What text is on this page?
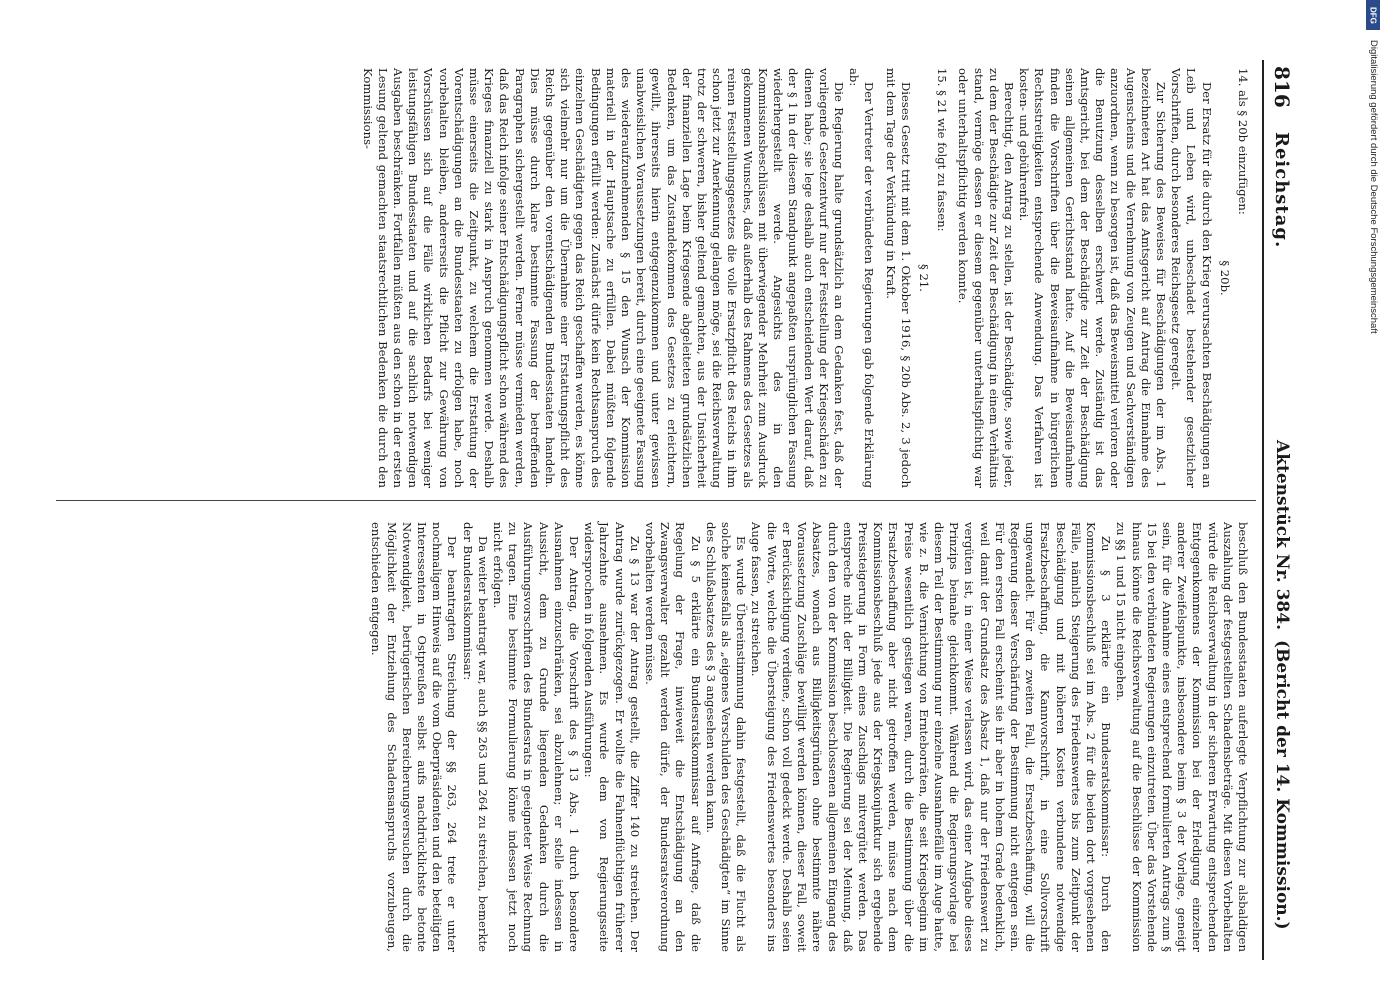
816
Reichstag.
Aktenstück Nr. 384.
(Bericht der 14. Kommission.)

14. als § 20b einzufügen:

§ 20b.

Der Ersatz für die durch den Krieg verursachten Beschädigungen an Leib und Leben wird, unbeschadet bestehender gesetzlicher Vorschriften, durch besonderes Reichsgesetz geregelt.

Zur Sicherung des Beweises für Beschädigungen der im Abs. 1 bezeichneten Art hat das Amtsgericht auf Antrag die Einnahme des Augenscheins und die Vernehmung von Zeugen und Sachverständigen anzuordnen, wenn zu besorgen ist, daß das Beweismittel verloren oder die Benutzung desselben erschwert werde. Zuständig ist das Amtsgericht, bei dem der Beschädigte zur Zeit der Beschädigung seinen allgemeinen Gerichtsstand hatte. Auf die Beweisaufnahme finden die Vorschriften über die Beweisaufnahme in bürgerlichen Rechtsstreitigkeiten entsprechende Anwendung. Das Verfahren ist kosten- und gebührenfrei.

Berechtigt, den Antrag zu stellen, ist der Beschädigte, sowie jeder, zu dem der Beschädigte zur Zeit der Beschädigung in einem Verhältnis stand, vermöge dessen er diesem gegenüber unterhaltspflichtig war oder unterhaltspflichtig werden konnte.

15. § 21 wie folgt zu fassen:

§ 21.

Dieses Gesetz tritt mit dem 1. Oktober 1916, § 20b Abs. 2, 3 jedoch mit dem Tage der Verkündung in Kraft.

Der Vertreter der verbündeten Regierungen gab folgende Erklärung ab:

Die Regierung halte grundsätzlich an dem Gedanken fest, daß der vorliegende Gesetzentwurf nur der Feststellung der Kriegsschäden zu dienen habe; sie lege deshalb auch entscheidenden Wert darauf, daß der § 1 in der diesem Standpunkt angepaßten ursprünglichen Fassung wiederhergestellt werde. Angesichts des in den Kommissionsbeschlüssen mit überwiegender Mehrheit zum Ausdruck gekommenen Wunsches, daß außerhalb des Rahmens des Gesetzes als reinen Feststellungsgesetzes die volle Ersatzpflicht des Reichs in ihm schon jetzt zur Anerkennung gelangen möge, sei die Reichsverwaltung trotz der schweren, bisher geltend gemachten, aus der Unsicherheit der finanziellen Lage beim Kriegsende abgeleiteten grundsätzlichen Bedenken, um das Zustandekommen des Gesetzes zu erleichtern, gewillt, ihrerseits hierin entgegenzukommen und unter gewissen unabweislichen Voraussetzungen bereit, durch eine geeignete Fassung des wiederaufzunehmenden § 15 den Wunsch der Kommission materiell in der Hauptsache zu erfüllen. Dabei müßten folgende Bedingungen erfüllt werden: Zunächst dürfe kein Rechtsanspruch des einzelnen Geschädigten gegen das Reich geschaffen werden, es könne sich vielmehr nur um die Übernahme einer Erstattungspflicht des Reichs gegenüber den vorentschädigenden Bundesstaaten handeln. Dies müsse durch klare bestimmte Fassung der betreffenden Paragraphen sichergestellt werden. Ferner müsse vermieden werden, daß das Reich infolge seiner Entschädigungspflicht schon während des Krieges finanziell zu stark in Anspruch genommen werde. Deshalb müsse einerseits die Zeitpunkt, zu welchem die Erstattung der Vorentschädigungen an die Bundesstaaten zu erfolgen habe, noch vorbehalten bleiben, andererseits die Pflicht zur Gewährung von Vorschüssen sich auf die Fälle wirklichen Bedarfs bei weniger leistungsfähigen Bundesstaaten und auf die sachlich notwendigen Ausgaben beschränken. Fortfallen müßten aus den schon in der ersten Lesung geltend gemachten staatsrechtlichen Bedenken die durch den Kommissions-

beschluß den Bundesstaaten auferlegte Verpflichtung zur alsbaldigen Auszahlung der festgestellten Schadensbeträge. Mit diesen Vorbehalten würde die Reichsverwaltung in der sicheren Erwartung entsprechenden Entgegenkommens der Kommission bei der Erledigung einzelner anderer Zweifelspunkte, insbesondere beim § 3 der Vorlage, geneigt sein, für die Annahme eines entsprechend formulierten Antrags zum § 15 bei den verbündeten Regierungen einzutreten. Über das Vorstehende hinaus könne die Reichsverwaltung auf die Beschlüsse der Kommission zu §§ 1 und 15 nicht eingehen.

Zu § 3 erklärte ein Bundesratskommissar: Durch den Kommissionsbeschluß sei im Abs. 2 für die beiden dort vorgesehenen Fälle, nämlich Steigerung des Friedenswertes bis zum Zeitpunkt der Beschädigung und mit höheren Kosten verbundene notwendige Ersatzbeschaffung, die Kannvorschrift, in eine Sollvorschrift ungewandelt. Für den zweiten Fall, die Ersatzbeschaffung, will die Regierung dieser Verschärfung der Bestimmung nicht entgegen sein. Für den ersten Fall erscheint sie ihr aber in hohem Grade bedenklich, weil damit der Grundsatz des Absatz 1, daß nur der Friedenswert zu vergüten ist, in einer Weise verlassen wird, das einer Aufgabe dieses Prinzips beinahe gleichkommt. Während die Regierungsvorlage bei diesem Teil der Bestimmung nur einzelne Ausnahmefälle im Auge hatte, wie z. B. die Vernichtung von Ernteborräten, die seit Kriegsbeginn im Preise wesentlich gestiegen waren, durch die Bestimmung über die Ersatzbeschaffung aber nicht getroffen werden, müsse nach dem Kommissionsbeschluß jede aus der Kriegskonjunktur sich ergebende Preissteigerung in Form eines Zuschlags mitvergütet werden. Das entspreche nicht der Billigkeit. Die Regierung sei der Meinung, daß durch den von der Kommission beschlossenen allgemeinen Eingang des Absatzes, wonach aus Billigkeitsgründen ohne bestimmte nähere Voraussetzung Zuschläge bewilligt werden können, dieser Fall, soweit er Berücksichtigung verdiene, schon voll gedeckt werde. Deshalb seien die Worte, welche die Übersteigung des Friedenswertes besonders ins Auge fassen, zu streichen.

Es wurde Übereinstimmung dahin festgestellt, daß die Flucht als solche keinesfalls als „eigenes Verschulden des Geschädigten“ im Sinne des Schlußabsatzes des § 3 angesehen werden kann.

Zu § 5 erklärte ein Bundesratskommissar auf Anfrage, daß die Regelung der Frage, inwieweit die Entschädigung an den Zwangsverwalter gezahlt werden dürfe, der Bundesratsverordnung vorbehalten werden müsse.

Zu § 13 war der Antrag gestellt, die Ziffer 140 zu streichen. Der Antrag wurde zurückgezogen. Er wollte die Fahnenflüchtigen früherer Jahrzehnte ausnehmen. Es wurde dem von Regierungsseite widersprochen in folgenden Ausführungen:

Der Antrag, die Vorschrift des § 13 Abs. 1 durch besondere Ausnahmen einzuschränken, sei abzulehnen; er stelle indessen in Aussicht, dem zu Grunde liegenden Gedanken durch die Ausführungsvorschriften des Bundesrats in geeigneter Weise Rechnung zu tragen. Eine bestimmte Formulierung könne indessen jetzt noch nicht erfolgen.

Da weiter beantragt war, auch §§ 263 und 264 zu streichen, bemerkte der Bundesratskommissar:

Der beantragten Streichung der §§ 263, 264 trete er unter nochmaligem Hinweis auf die vom Oberpräsidenten und den beteiligten Interessenten in Ostpreußen selbst aufs nachdrücklichste betonte Notwendigkeit, betrügerischen Bereicherungsversuchen durch die Möglichkeit der Entziehung des Schadensanspruchs vorzubeugen, entschieden entgegen.

DFG
Digitalisierung gefördert durch die Deutsche Forschungsgemeinschaft
